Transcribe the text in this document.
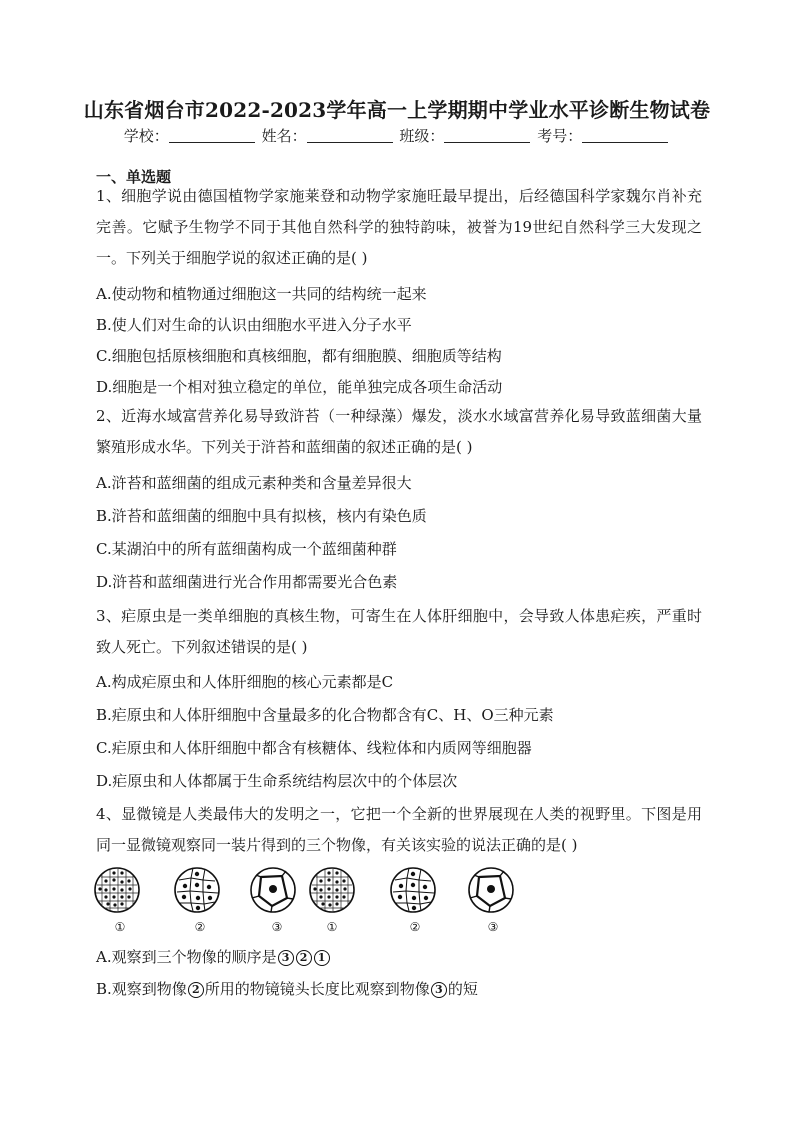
山东省烟台市2022-2023学年高一上学期期中学业水平诊断生物试卷
学校：	姓名：	班级：	考号：
一、单选题
1、细胞学说由德国植物学家施莱登和动物学家施旺最早提出，后经德国科学家魏尔肖补充完善。它赋予生物学不同于其他自然科学的独特韵味，被誉为19世纪自然科学三大发现之一。下列关于细胞学说的叙述正确的是( )
A.使动物和植物通过细胞这一共同的结构统一起来
B.使人们对生命的认识由细胞水平进入分子水平
C.细胞包括原核细胞和真核细胞，都有细胞膜、细胞质等结构
D.细胞是一个相对独立稳定的单位，能单独完成各项生命活动
2、近海水域富营养化易导致浒苔（一种绿藻）爆发，淡水水域富营养化易导致蓝细菌大量繁殖形成水华。下列关于浒苔和蓝细菌的叙述正确的是( )
A.浒苔和蓝细菌的组成元素种类和含量差异很大
B.浒苔和蓝细菌的细胞中具有拟核，核内有染色质
C.某湖泊中的所有蓝细菌构成一个蓝细菌种群
D.浒苔和蓝细菌进行光合作用都需要光合色素
3、疟原虫是一类单细胞的真核生物，可寄生在人体肝细胞中，会导致人体患疟疾，严重时致人死亡。下列叙述错误的是( )
A.构成疟原虫和人体肝细胞的核心元素都是C
B.疟原虫和人体肝细胞中含量最多的化合物都含有C、H、O三种元素
C.疟原虫和人体肝细胞中都含有核糖体、线粒体和内质网等细胞器
D.疟原虫和人体都属于生命系统结构层次中的个体层次
4、显微镜是人类最伟大的发明之一，它把一个全新的世界展现在人类的视野里。下图是用同一显微镜观察同一装片得到的三个物像，有关该实验的说法正确的是( )
①	②	③	①	②	③
A.观察到三个物像的顺序是 3 2 1
B.观察到物像 2 所用的物镜镜头长度比观察到物像 3 的短
